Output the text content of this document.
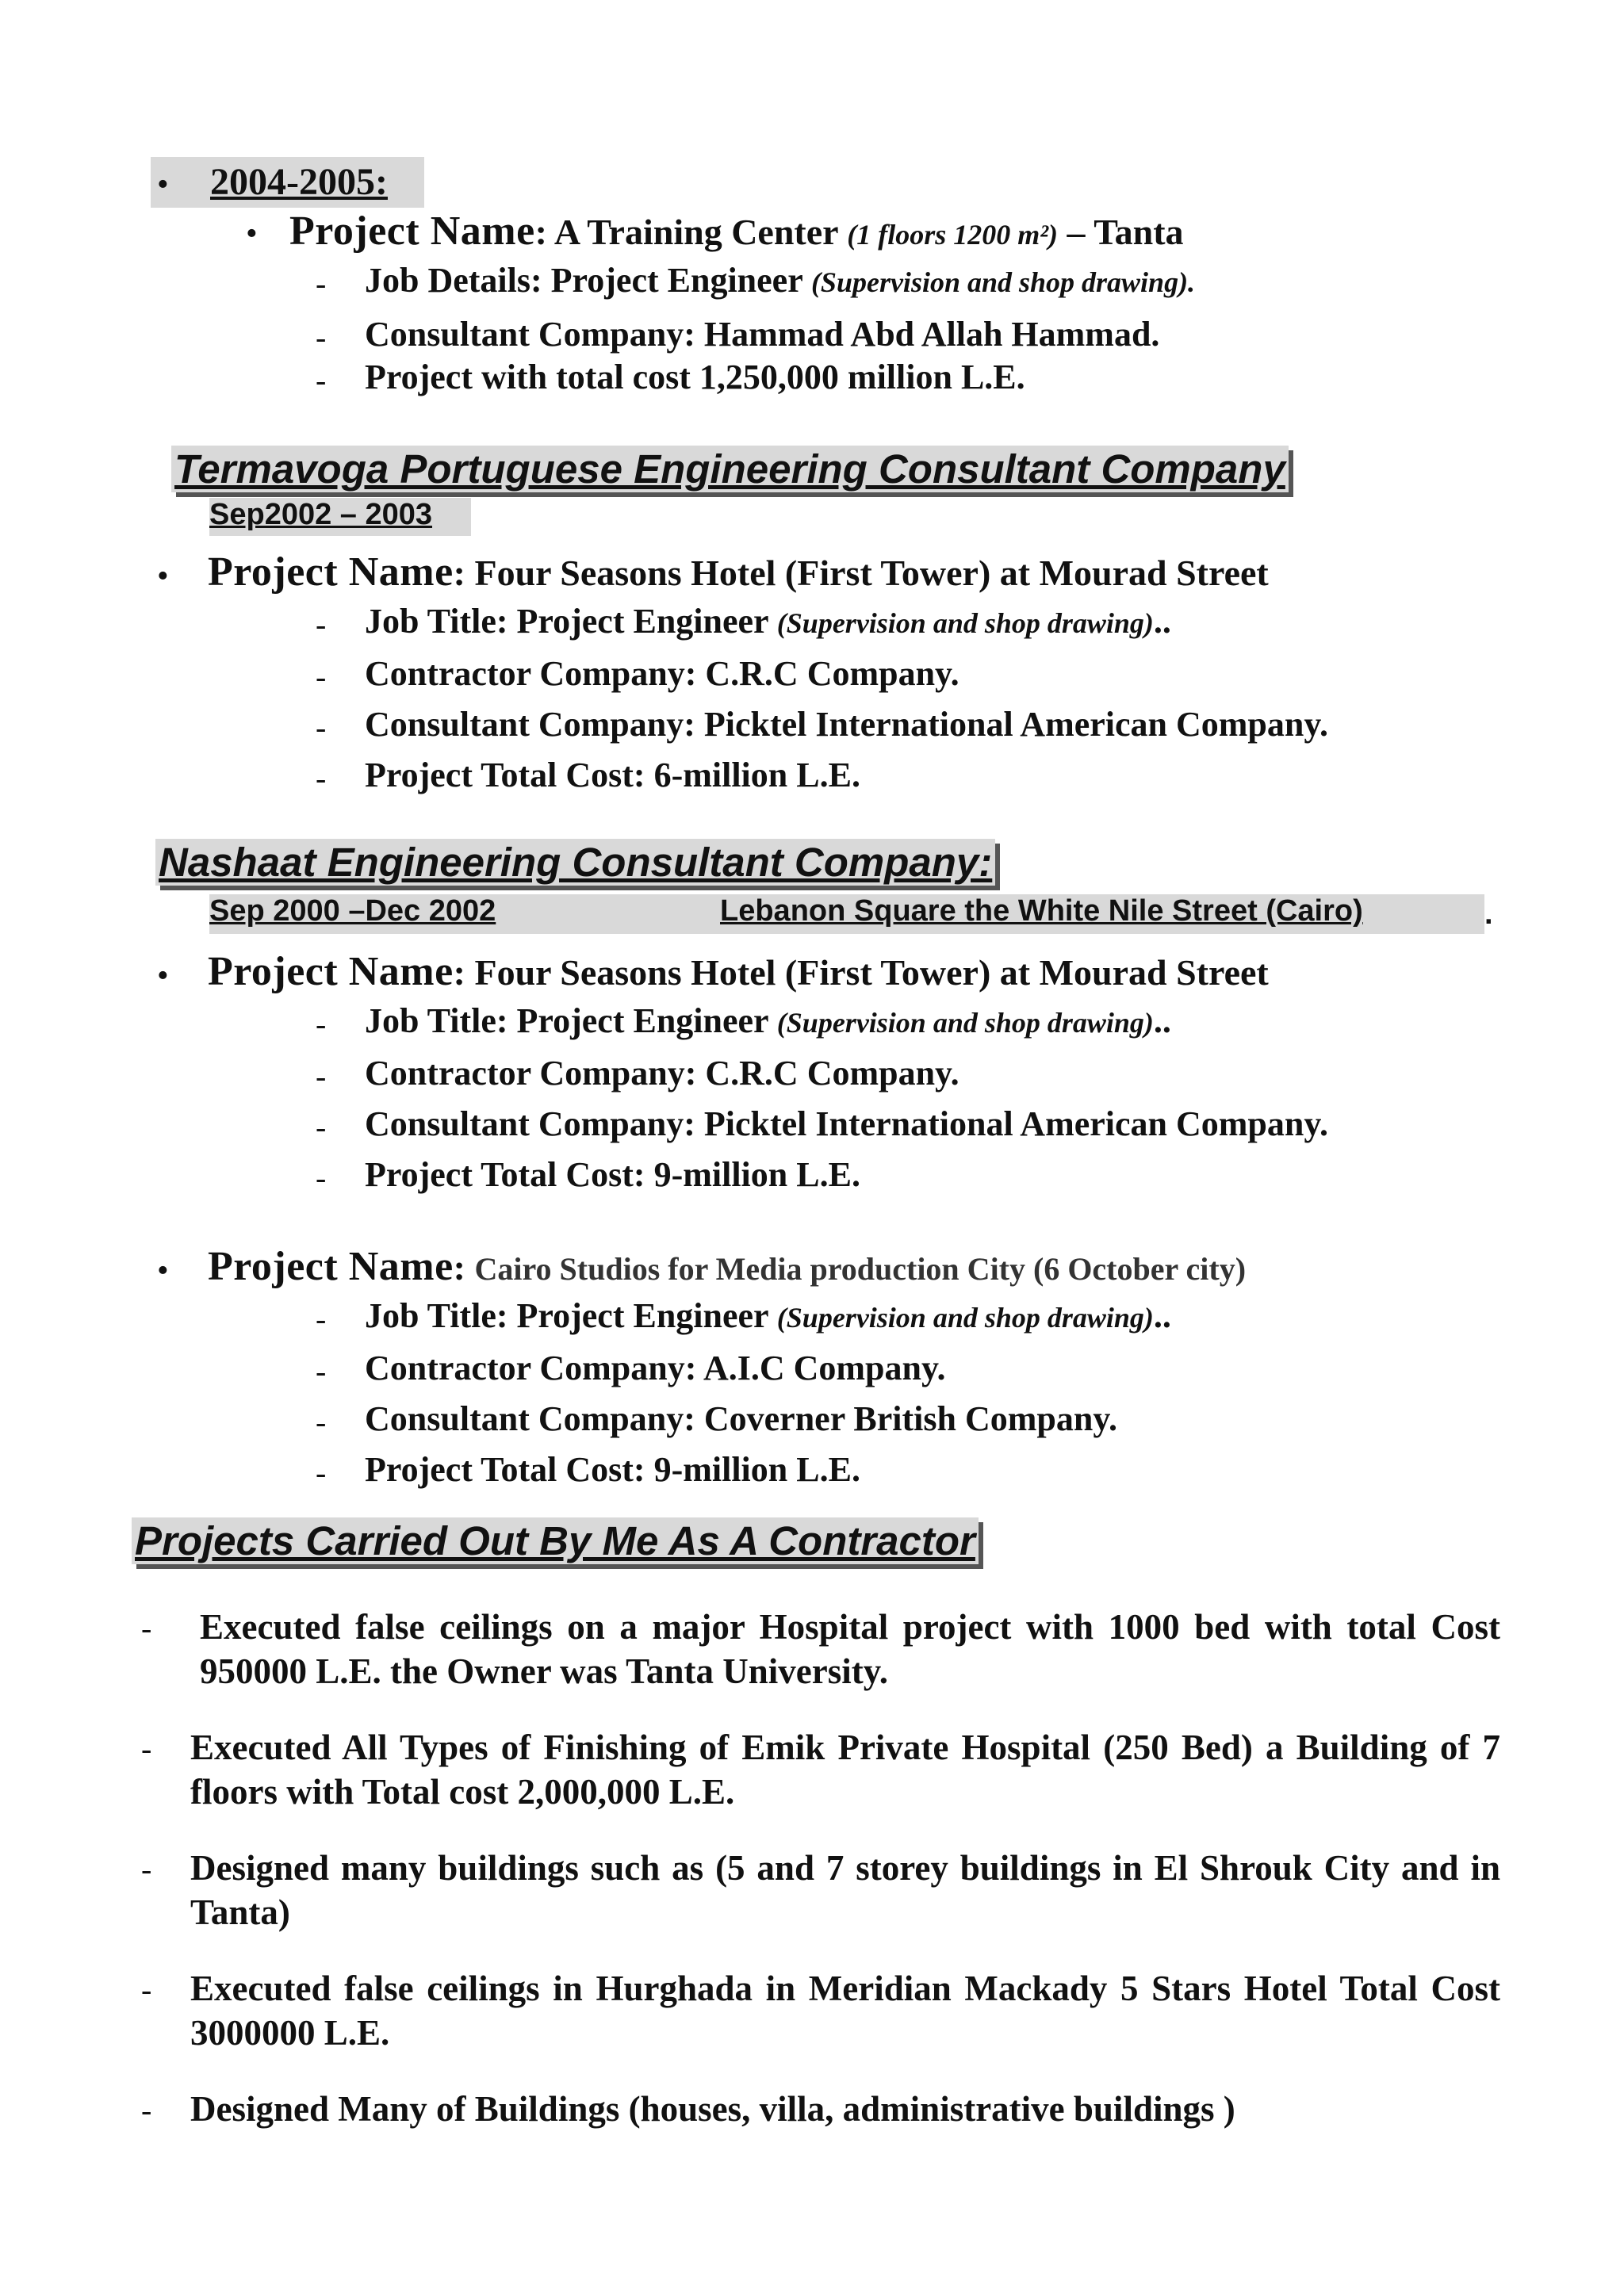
• 2004-2005:
• Project Name: A Training Center (1 floors 1200 m²) – Tanta
- Job Details: Project Engineer (Supervision and shop drawing).
- Consultant Company: Hammad Abd Allah Hammad.
- Project with total cost 1,250,000 million L.E.
Termavoga Portuguese Engineering Consultant Company
Sep2002 – 2003
• Project Name: Four Seasons Hotel (First Tower) at Mourad Street
- Job Title: Project Engineer (Supervision and shop drawing)..
- Contractor Company: C.R.C Company.
- Consultant Company: Picktel International American Company.
- Project Total Cost: 6-million L.E.
Nashaat Engineering Consultant Company:
Sep 2000 –Dec 2002	Lebanon Square the White Nile Street (Cairo)	.
• Project Name: Four Seasons Hotel (First Tower) at Mourad Street
- Job Title: Project Engineer (Supervision and shop drawing)..
- Contractor Company: C.R.C Company.
- Consultant Company: Picktel International American Company.
- Project Total Cost: 9-million L.E.
• Project Name: Cairo Studios for Media production City (6 October city)
- Job Title: Project Engineer (Supervision and shop drawing)..
- Contractor Company: A.I.C Company.
- Consultant Company: Coverner British Company.
- Project Total Cost: 9-million L.E.
Projects Carried Out By Me As A Contractor
- Executed false ceilings on a major Hospital project with 1000 bed with total Cost 950000 L.E. the Owner was Tanta University.
- Executed All Types of Finishing of Emik Private Hospital (250 Bed) a Building of 7 floors with Total cost 2,000,000 L.E.
- Designed many buildings such as (5 and 7 storey buildings in El Shrouk City and in Tanta)
- Executed false ceilings in Hurghada in Meridian Mackady 5 Stars Hotel Total Cost 3000000 L.E.
- Designed Many of Buildings (houses, villa, administrative buildings )
